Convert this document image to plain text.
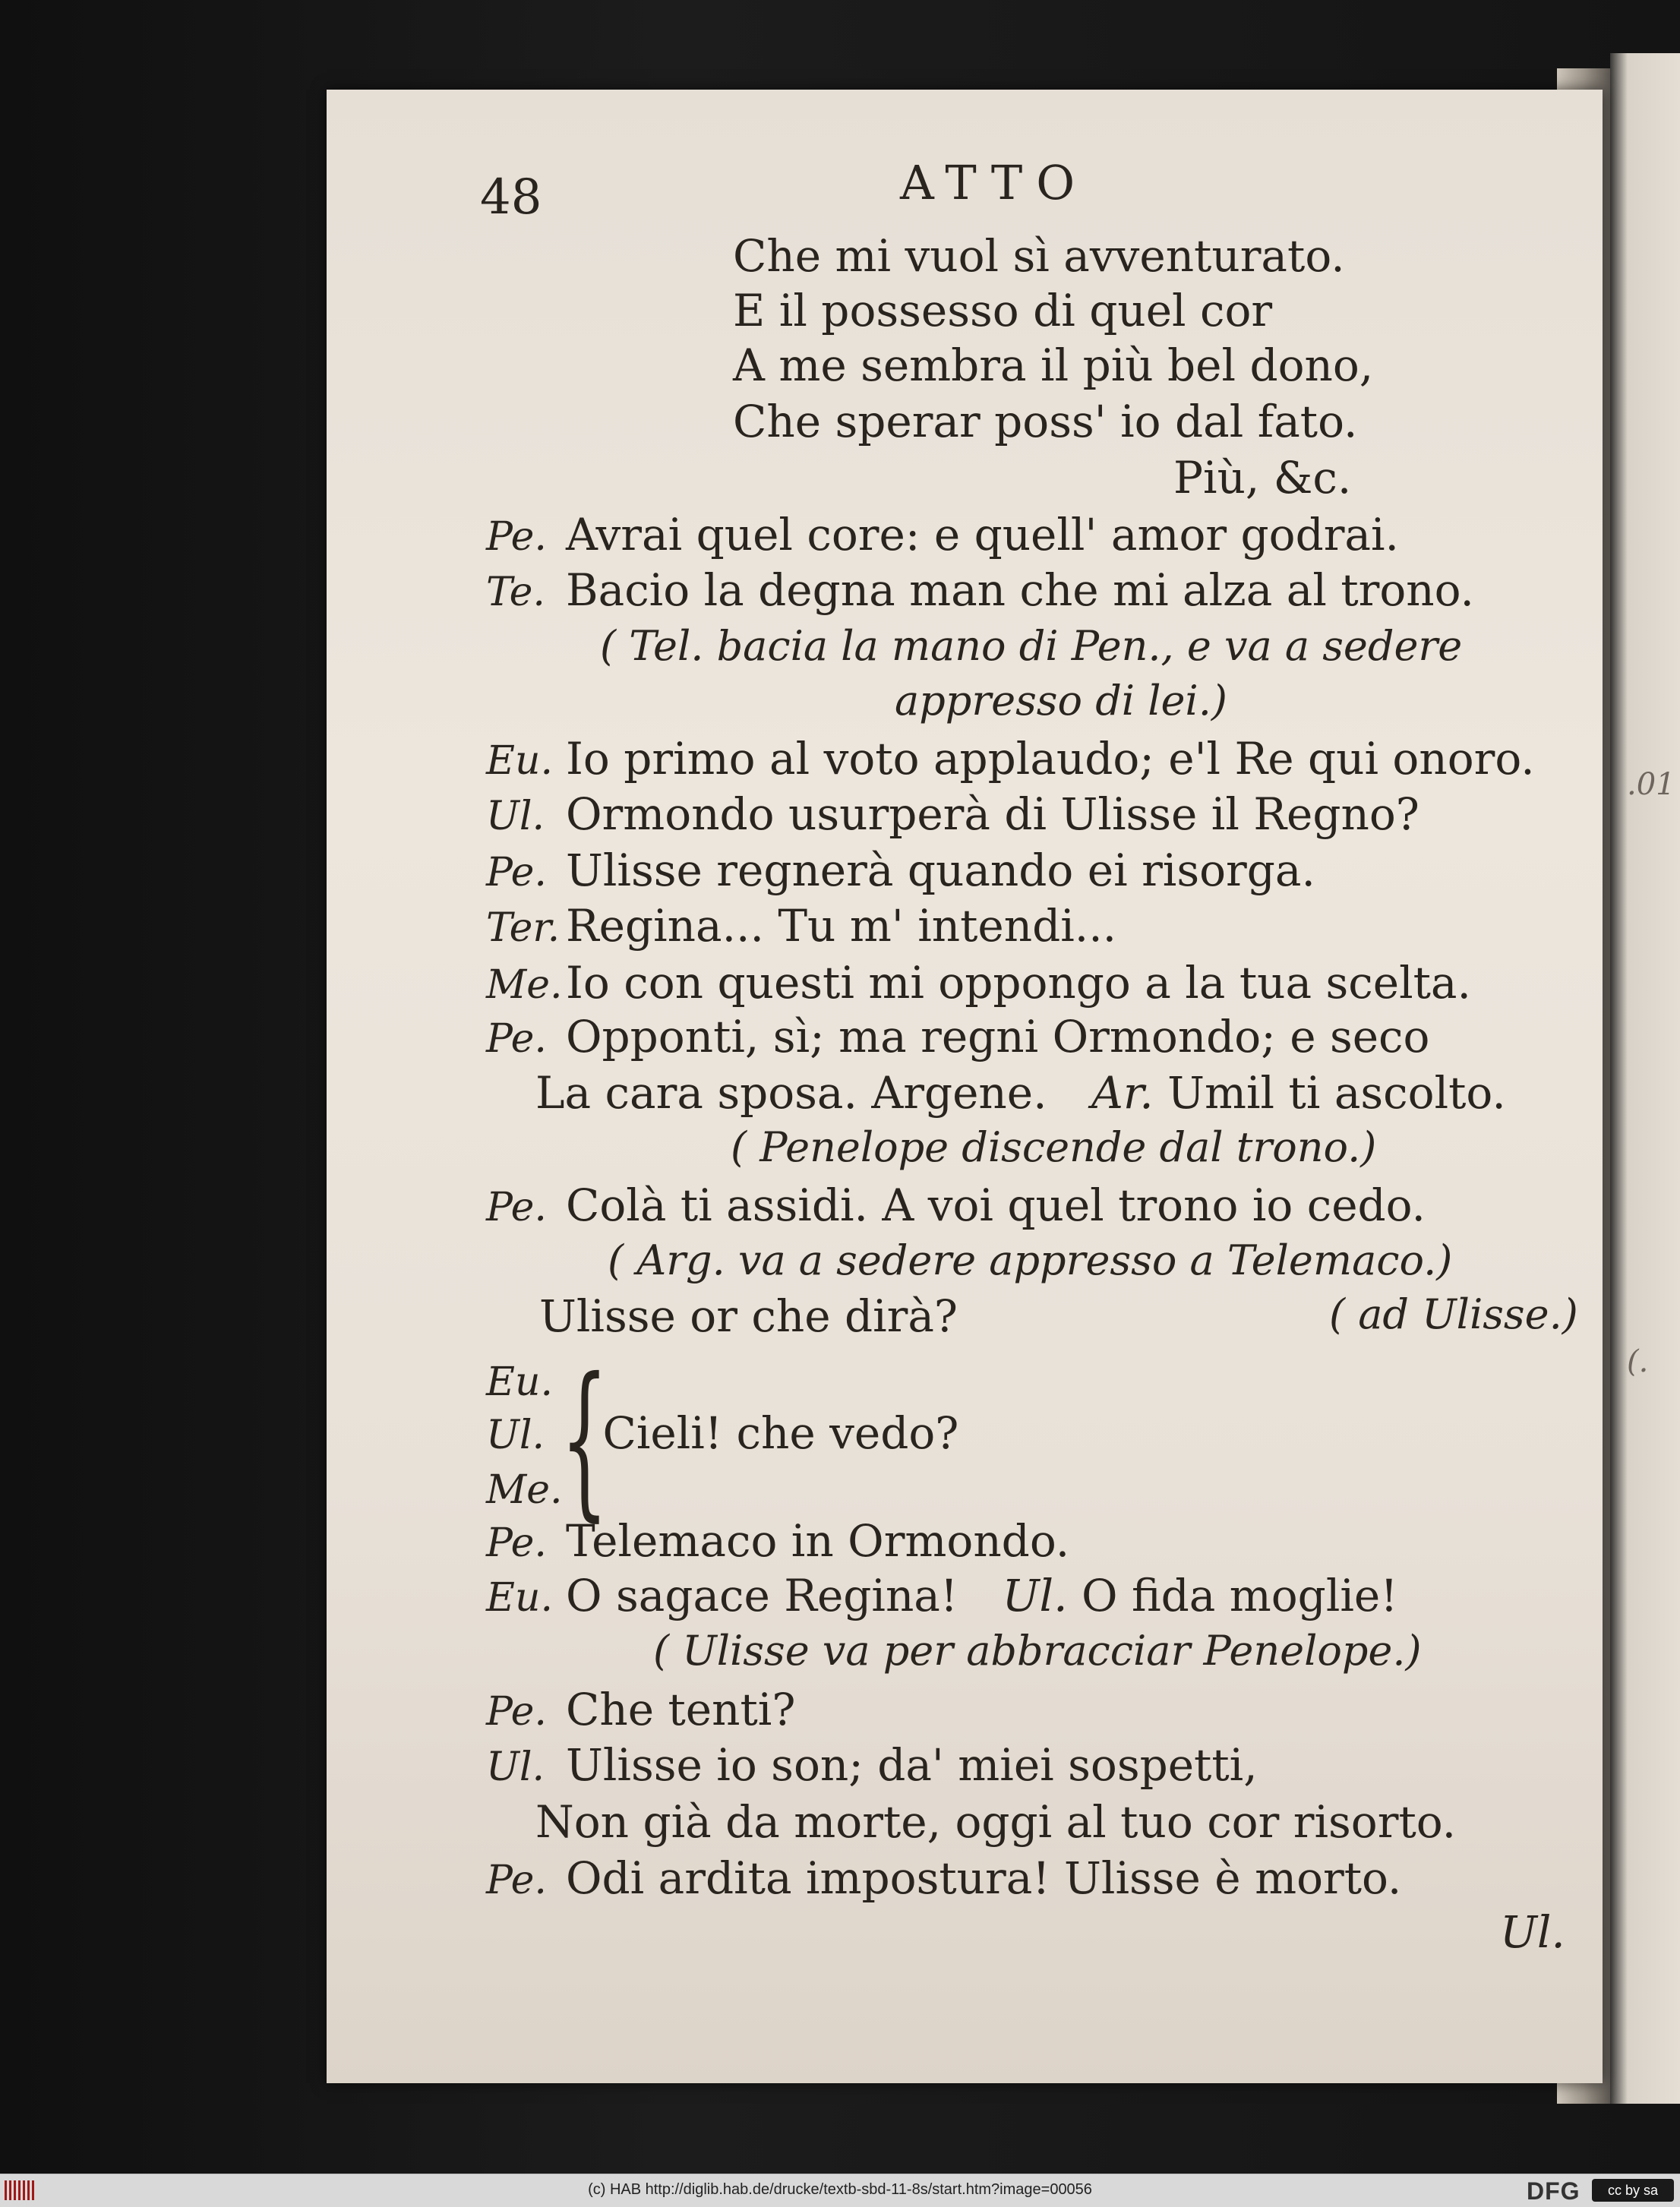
.01
(.
48	ATTO
Che mi vuol sì avventurato.
E il possesso di quel cor
A me sembra il più bel dono,
Che sperar poss' io dal fato.
Più, &c.
Pe. Avrai quel core: e quell' amor godrai.
Te. Bacio la degna man che mi alza al trono.
( Tel. bacia la mano di Pen., e va a sedere
appresso di lei.)
Eu. Io primo al voto applaudo; e'l Re qui onoro.
Ul. Ormondo usurperà di Ulisse il Regno?
Pe. Ulisse regnerà quando ei risorga.
Ter. Regina... Tu m' intendi...
Me.Io con questi mi oppongo a la tua scelta.
Pe. Opponti, sì; ma regni Ormondo; e seco
La cara sposa. Argene. Ar. Umil ti ascolto.
( Penelope discende dal trono.)
Pe. Colà ti assidi. A voi quel trono io cedo.
( Arg. va a sedere appresso a Telemaco.)
Ulisse or che dirà?	( ad Ulisse.)
Eu.
Ul. Cieli! che vedo?
Me.
{
Pe. Telemaco in Ormondo.
Eu. O sagace Regina! Ul. O fida moglie!
( Ulisse va per abbracciar Penelope.)
Pe. Che tenti?
Ul. Ulisse io son; da' miei sospetti,
Non già da morte, oggi al tuo cor risorto.
Pe. Odi ardita impostura! Ulisse è morto.
Ul.
(c) HAB http://diglib.hab.de/drucke/textb-sbd-11-8s/start.htm?image=00056	DFG	cc by sa
